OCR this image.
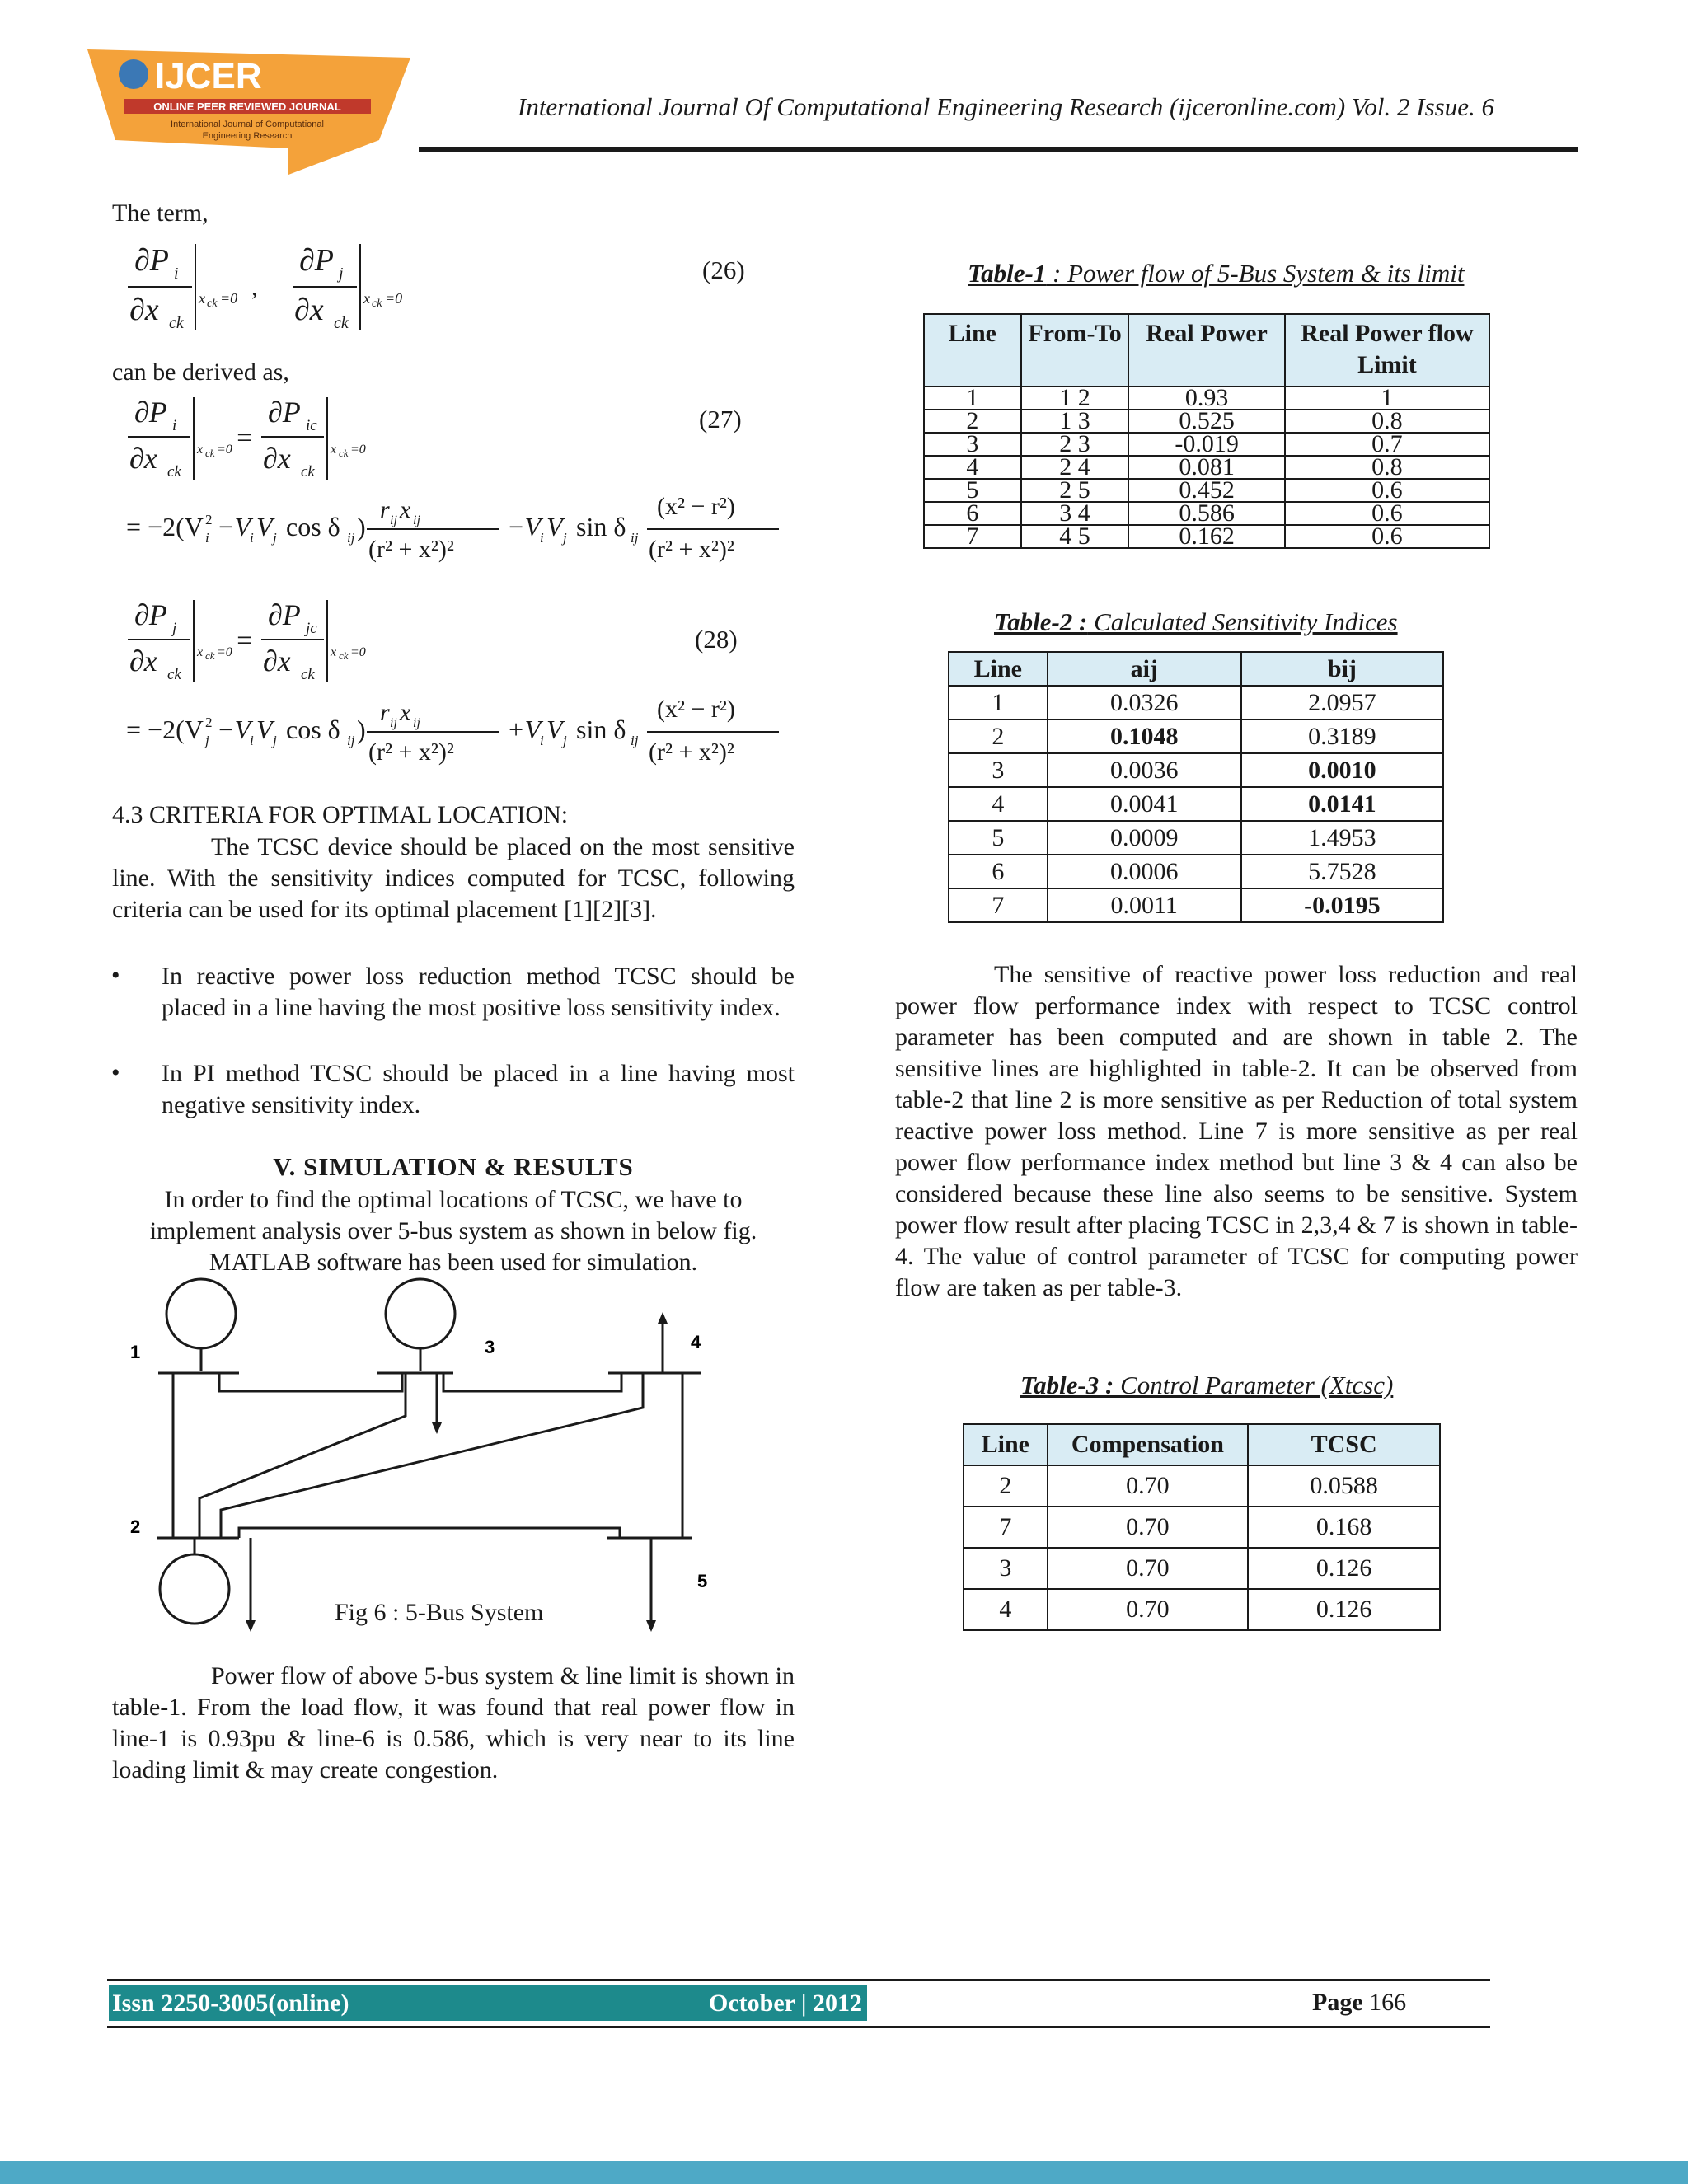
IJCER
ONLINE PEER REVIEWED JOURNAL
International Journal of Computational
Engineering Research
International Journal Of Computational Engineering Research (ijceronline.com) Vol. 2 Issue. 6
The term,
∂P i
∂x ck
x ck =0 ,
∂P j
∂x ck
x ck =0
(26)
can be derived as,
∂P i
∂x ck
x ck =0 =
∂P ic
∂x ck
x ck =0
= −2(V i
2 −V
i V j cos δ ij )
r ij x ij
(r² + x²)²
−V
i V j sin δ ij
(x² − r²)
(r² + x²)²
(27)
∂P j
∂x ck
x ck =0 =
∂P jc
∂x ck
x ck =0
= −2(V j
2 −V
i V j cos δ ij )
r ij x ij
(r² + x²)²
+V
i V j sin δ ij
(x² − r²)
(r² + x²)²
(28)
4.3 CRITERIA FOR OPTIMAL LOCATION:
The TCSC device should be placed on the most sensitive line. With the sensitivity indices computed for TCSC, following criteria can be used for its optimal placement [1][2][3].
• In reactive power loss reduction method TCSC should be placed in a line having the most positive loss sensitivity index.
• In PI method TCSC should be placed in a line having most negative sensitivity index.
V. SIMULATION & RESULTS
In order to find the optimal locations of TCSC, we have to implement analysis over 5-bus system as shown in below fig. MATLAB software has been used for simulation.
1	3	4
2
5
Fig 6 : 5-Bus System
Power flow of above 5-bus system & line limit is shown in table-1. From the load flow, it was found that real power flow in line-1 is 0.93pu & line-6 is 0.586, which is very near to its line loading limit & may create congestion.
Table-1 : Power flow of 5-Bus System & its limit
Line	From-To	Real Power	Real Power flow Limit
1	1 2	0.93	1
2	1 3	0.525	0.8
3	2 3	-0.019	0.7
4	2 4	0.081	0.8
5	2 5	0.452	0.6
6	3 4	0.586	0.6
7	4 5	0.162	0.6
Table-2 : Calculated Sensitivity Indices
Line	aij	bij
1	0.0326	2.0957
2	0.1048	0.3189
3	0.0036	0.0010
4	0.0041	0.0141
5	0.0009	1.4953
6	0.0006	5.7528
7	0.0011	-0.0195
The sensitive of reactive power loss reduction and real power flow performance index with respect to TCSC control parameter has been computed and are shown in table 2. The sensitive lines are highlighted in table-2. It can be observed from table-2 that line 2 is more sensitive as per Reduction of total system reactive power loss method. Line 7 is more sensitive as per real power flow performance index method but line 3 & 4 can also be considered because these line also seems to be sensitive. System power flow result after placing TCSC in 2,3,4 & 7 is shown in table-4. The value of control parameter of TCSC for computing power flow are taken as per table-3.
Table-3 : Control Parameter (Xtcsc)
Line	Compensation	TCSC
2	0.70	0.0588
7	0.70	0.168
3	0.70	0.126
4	0.70	0.126
Issn 2250-3005(online)	October | 2012	Page 166
